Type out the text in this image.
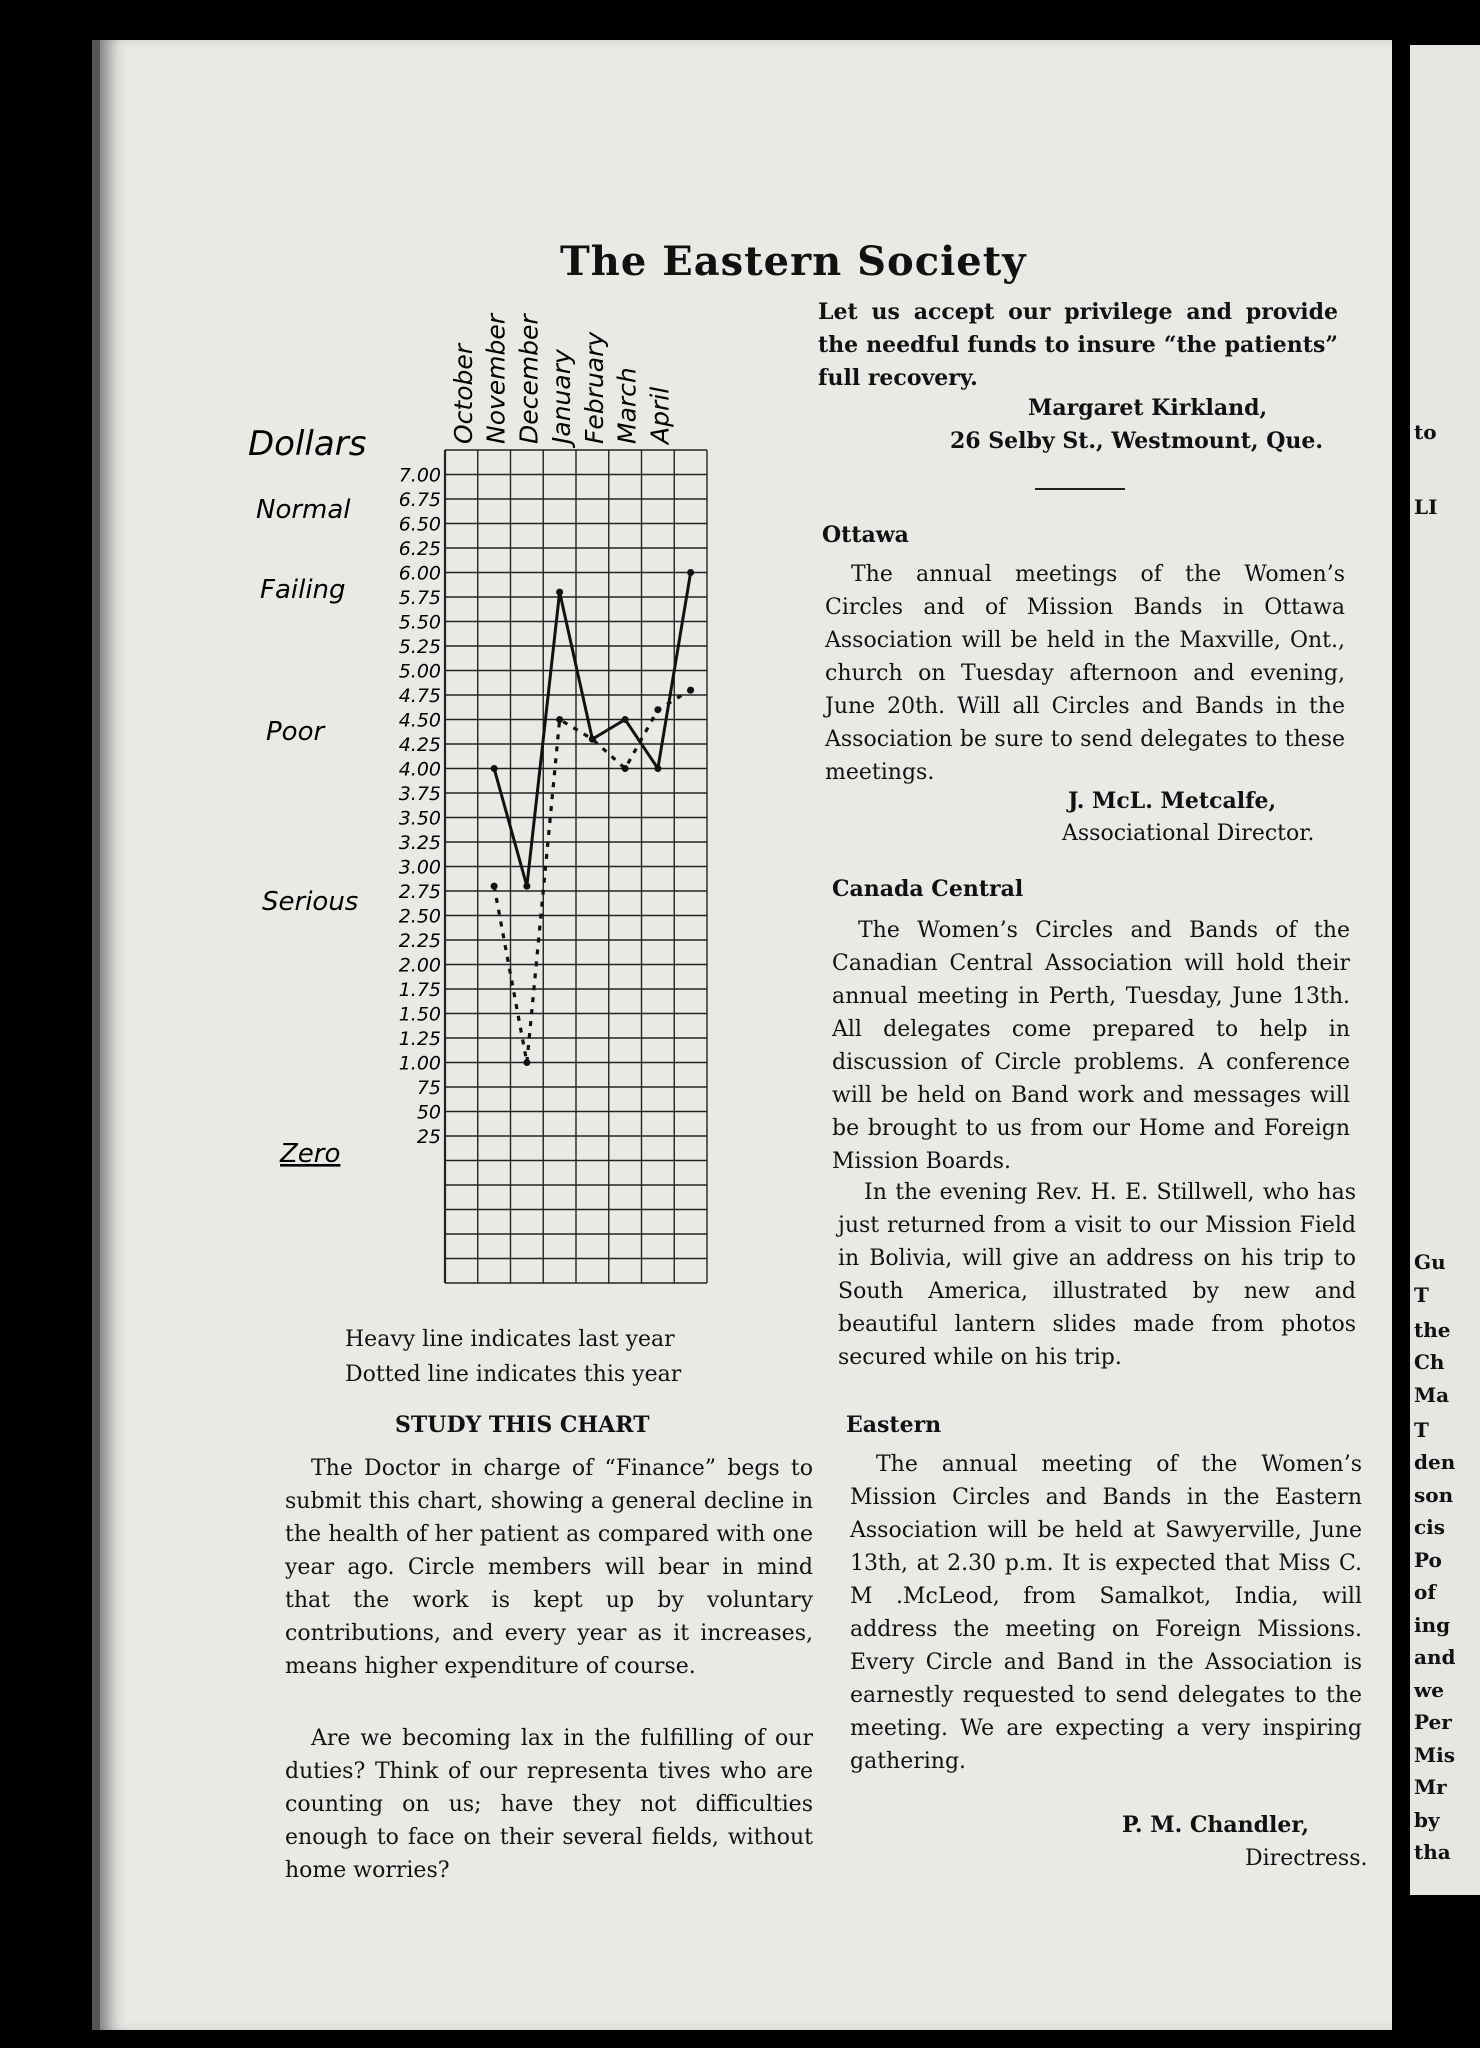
to
LI
Gu
T
the
Ch
Ma
T
den
son
cis
Po
of
ing
and
we
Per
Mis
Mr
by
tha
The Eastern Society
October November December January February March April
7.00
6.75
6.50
6.25
6.00
5.75
5.50
5.25
5.00
4.75
4.50
4.25
4.00
3.75
3.50
3.25
3.00
2.75
2.50
2.25
2.00
1.75
1.50
1.25
1.00
75
50
25
Dollars
Normal
Failing
Poor
Serious
Zero
Heavy line indicates last year
Dotted line indicates this year
STUDY THIS CHART

The Doctor in charge of “Finance” begs to submit this chart, showing a general decline in the health of her patient as compared with one year ago. Circle members will bear in mind that the work is kept up by voluntary contributions, and every year as it increases, means higher expenditure of course.

Are we becoming lax in the fulfilling of our duties? Think of our representa tives who are counting on us; have they not difficulties enough to face on their several fields, without home worries?

Let us accept our privilege and provide the needful funds to insure “the patients” full recovery.

Margaret Kirkland,
26 Selby St., Westmount, Que.
Ottawa

The annual meetings of the Women’s Circles and of Mission Bands in Ottawa Association will be held in the Maxville, Ont., church on Tuesday afternoon and evening, June 20th. Will all Circles and Bands in the Association be sure to send delegates to these meetings.

J. McL. Metcalfe,
Associational Director.
Canada Central

The Women’s Circles and Bands of the Canadian Central Association will hold their annual meeting in Perth, Tuesday, June 13th. All delegates come prepared to help in discussion of Circle problems. A conference will be held on Band work and messages will be brought to us from our Home and Foreign Mission Boards.

In the evening Rev. H. E. Stillwell, who has just returned from a visit to our Mission Field in Bolivia, will give an address on his trip to South America, illustrated by new and beautiful lantern slides made from photos secured while on his trip.

Eastern

The annual meeting of the Women’s Mission Circles and Bands in the Eastern Association will be held at Sawyerville, June 13th, at 2.30 p.m. It is expected that Miss C. M .McLeod, from Samalkot, India, will address the meeting on Foreign Missions. Every Circle and Band in the Association is earnestly requested to send delegates to the meeting. We are expecting a very inspiring gathering.

P. M. Chandler,
Directress.
